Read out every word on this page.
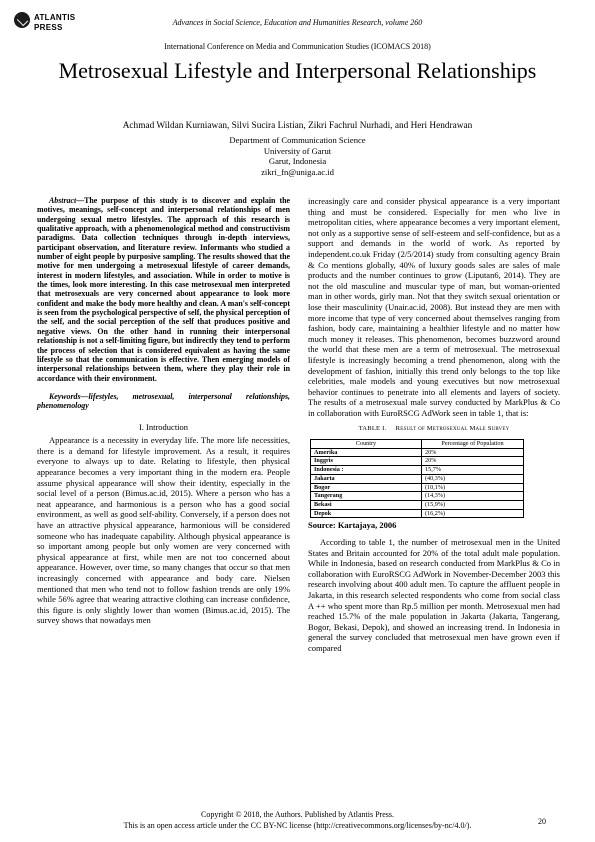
ATLANTIS
PRESS
Advances in Social Science, Education and Humanities Research, volume 260
International Conference on Media and Communication Studies (ICOMACS 2018)
Metrosexual Lifestyle and Interpersonal Relationships
Achmad Wildan Kurniawan, Silvi Sucira Listian, Zikri Fachrul Nurhadi, and Heri Hendrawan
Department of Communication Science
University of Garut
Garut, Indonesia
zikri_fn@uniga.ac.id
Abstract—The purpose of this study is to discover and explain the motives, meanings, self-concept and interpersonal relationships of men undergoing sexual metro lifestyles. The approach of this research is qualitative approach, with a phenomenological method and constructivism paradigms. Data collection techniques through in-depth interviews, participant observation, and literature review. Informants who studied a number of eight people by purposive sampling. The results showed that the motive for men undergoing a metrosexual lifestyle of career demands, interest in modern lifestyles, and association. While in order to motive is the times, look more interesting. In this case metrosexual men interpreted that metrosexuals are very concerned about appearance to look more confident and make the body more healthy and clean. A man's self-concept is seen from the psychological perspective of self, the physical perception of the self, and the social perception of the self that produces positive and negative views. On the other hand in running their interpersonal relationship is not a self-limiting figure, but indirectly they tend to perform the process of selection that is considered equivalent as having the same lifestyle so that the communication is effective. Then emerging models of interpersonal relationships between them, where they play their role in accordance with their environment.
Keywords—lifestyles, metrosexual, interpersonal relationships, phenomenology
I. Introduction

Appearance is a necessity in everyday life. The more life necessities, there is a demand for lifestyle improvement. As a result, it requires everyone to always up to date. Relating to lifestyle, then physical appearance becomes a very important thing in the modern era. People assume physical appearance will show their identity, especially in the social level of a person (Bimus.ac.id, 2015). Where a person who has a neat appearance, and harmonious is a person who has a good social environment, as well as good self-ability. Conversely, if a person does not have an attractive physical appearance, harmonious will be considered someone who has inadequate capability. Although physical appearance is so important among people but only women are very concerned with physical appearance at first, while men are not too concerned about appearance. However, over time, so many changes that occur so that men increasingly concerned with appearance and body care. Nielsen mentioned that men who tend not to follow fashion trends are only 19% while 56% agree that wearing attractive clothing can increase confidence, this figure is only slightly lower than women (Bimus.ac.id, 2015). The survey shows that nowadays men

increasingly care and consider physical appearance is a very important thing and must be considered. Especially for men who live in metropolitan cities, where appearance becomes a very important element, not only as a supportive sense of self-esteem and self-confidence, but as a support and demands in the world of work. As reported by independent.co.uk Friday (2/5/2014) study from consulting agency Brain & Co mentions globally, 40% of luxury goods sales are sales of male products and the number continues to grow (Liputan6, 2014). They are not the old masculine and muscular type of man, but woman-oriented man in other words, girly man. Not that they switch sexual orientation or lose their masculinity (Unair.ac.id, 2008). But instead they are men with more income that type of very concerned about themselves ranging from fashion, body care, maintaining a healthier lifestyle and no matter how much money it releases. This phenomenon, becomes buzzword around the world that these men are a term of metrosexual. The metrosexual lifestyle is increasingly becoming a trend phenomenon, along with the development of fashion, initially this trend only belongs to the top like celebrities, male models and young executives but now metrosexual behavior continues to penetrate into all elements and layers of society. The results of a metrosexual male survey conducted by MarkPlus & Co in collaboration with EuroRSCG AdWork seen in table 1, that is:

TABLE I. Result of Metrosexual Male Survey
Country	Percentage of Population
Amerika	20%
Inggris	20%
Indonesia :	15,7%
Jakarta	(40,3%)
Bogor	(10,1%)
Tangerang	(14,3%)
Bekasi	(15,9%)
Depok	(16,2%)
Source: Kartajaya, 2006

According to table 1, the number of metrosexual men in the United States and Britain accounted for 20% of the total adult male population. While in Indonesia, based on research conducted from MarkPlus & Co in collaboration with EuroRSCG AdWork in November-December 2003 this research involving about 400 adult men. To capture the affluent people in Jakarta, in this research selected respondents who come from social class A ++ who spent more than Rp.5 million per month. Metrosexual men had reached 15.7% of the male population in Jakarta (Jakarta, Tangerang, Bogor, Bekasi, Depok), and showed an increasing trend. In Indonesia in general the survey concluded that metrosexual men have grown even if compared

Copyright © 2018, the Authors. Published by Atlantis Press.
This is an open access article under the CC BY-NC license (http://creativecommons.org/licenses/by-nc/4.0/).	20
